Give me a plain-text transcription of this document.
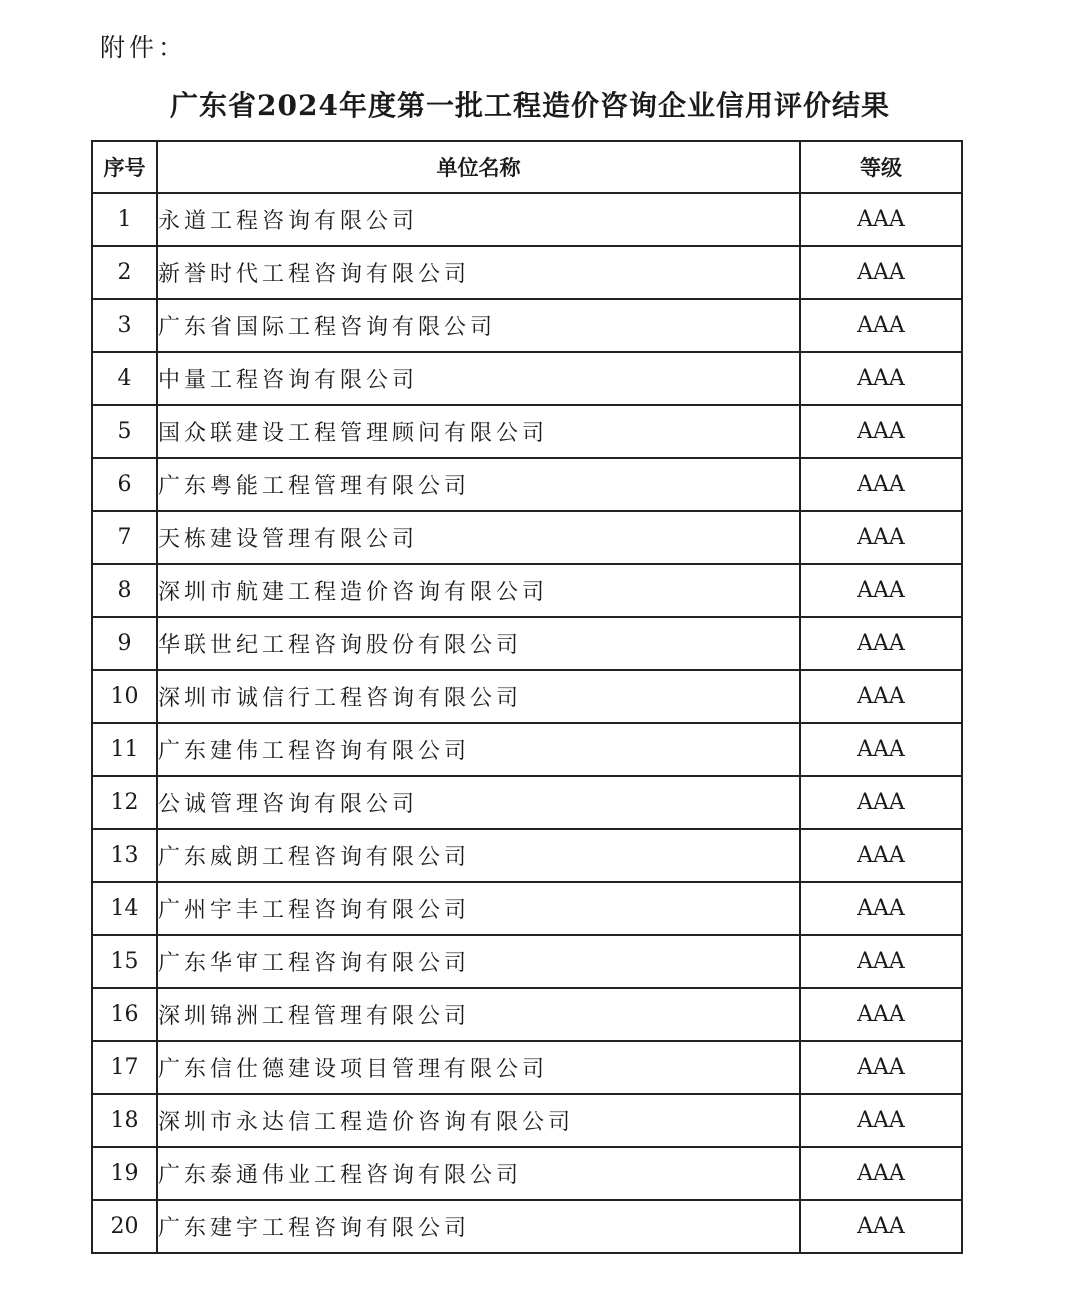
附件：
广东省2024年度第一批工程造价咨询企业信用评价结果
序号	单位名称	等级
1	永道工程咨询有限公司	AAA
2	新誉时代工程咨询有限公司	AAA
3	广东省国际工程咨询有限公司	AAA
4	中量工程咨询有限公司	AAA
5	国众联建设工程管理顾问有限公司	AAA
6	广东粤能工程管理有限公司	AAA
7	天栋建设管理有限公司	AAA
8	深圳市航建工程造价咨询有限公司	AAA
9	华联世纪工程咨询股份有限公司	AAA
10	深圳市诚信行工程咨询有限公司	AAA
11	广东建伟工程咨询有限公司	AAA
12	公诚管理咨询有限公司	AAA
13	广东威朗工程咨询有限公司	AAA
14	广州宇丰工程咨询有限公司	AAA
15	广东华审工程咨询有限公司	AAA
16	深圳锦洲工程管理有限公司	AAA
17	广东信仕德建设项目管理有限公司	AAA
18	深圳市永达信工程造价咨询有限公司	AAA
19	广东泰通伟业工程咨询有限公司	AAA
20	广东建宇工程咨询有限公司	AAA
